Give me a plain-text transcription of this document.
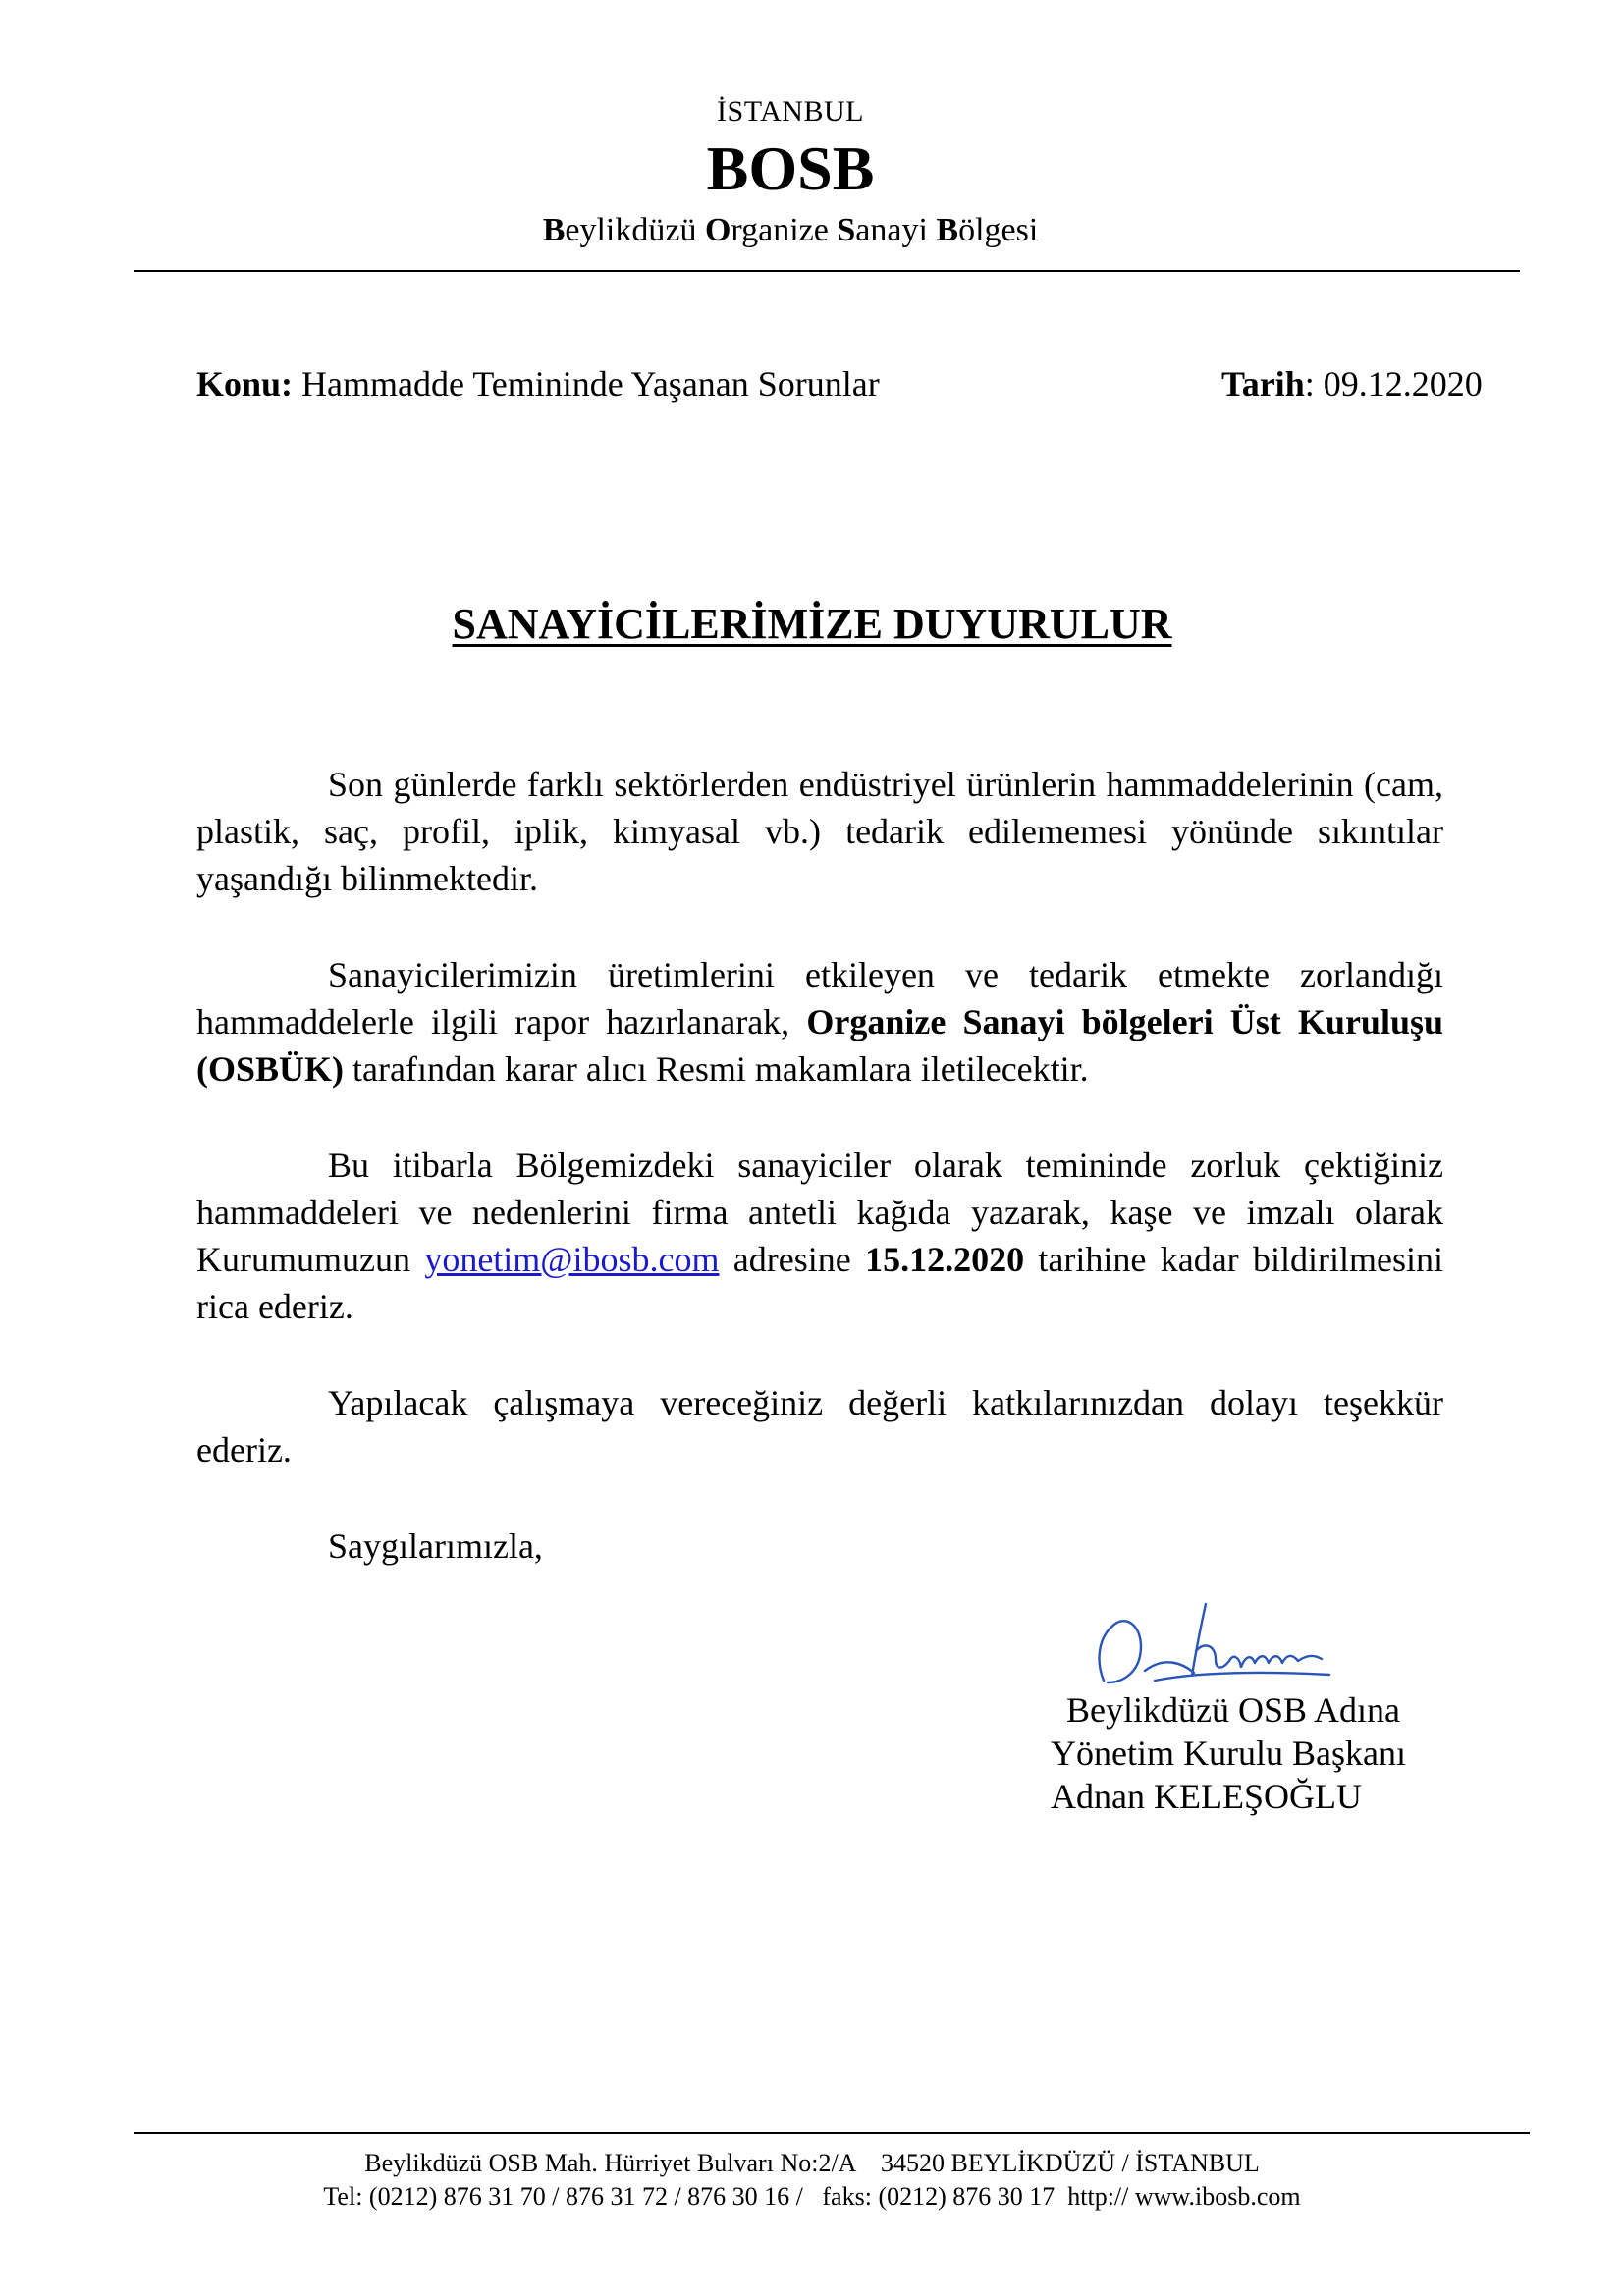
İSTANBUL
BOSB
Beylikdüzü Organize Sanayi Bölgesi
Konu: Hammadde Temininde Yaşanan Sorunlar	Tarih: 09.12.2020
SANAYİCİLERİMİZE DUYURULUR

Son günlerde farklı sektörlerden endüstriyel ürünlerin hammaddelerinin (cam, plastik, saç, profil, iplik, kimyasal vb.) tedarik edilememesi yönünde sıkıntılar yaşandığı bilinmektedir.

Sanayicilerimizin üretimlerini etkileyen ve tedarik etmekte zorlandığı hammaddelerle ilgili rapor hazırlanarak, Organize Sanayi bölgeleri Üst Kuruluşu (OSBÜK) tarafından karar alıcı Resmi makamlara iletilecektir.

Bu itibarla Bölgemizdeki sanayiciler olarak temininde zorluk çektiğiniz hammaddeleri ve nedenlerini firma antetli kağıda yazarak, kaşe ve imzalı olarak Kurumumuzun yonetim@ibosb.com adresine 15.12.2020 tarihine kadar bildirilmesini rica ederiz.

Yapılacak çalışmaya vereceğiniz değerli katkılarınızdan dolayı teşekkür ederiz.

Saygılarımızla,

Beylikdüzü OSB Adına
Yönetim Kurulu Başkanı
Adnan KELEŞOĞLU
Beylikdüzü OSB Mah. Hürriyet Bulvarı No:2/A    34520 BEYLİKDÜZÜ / İSTANBUL
Tel: (0212) 876 31 70 / 876 31 72 / 876 30 16 /   faks: (0212) 876 30 17  http:// www.ibosb.com
